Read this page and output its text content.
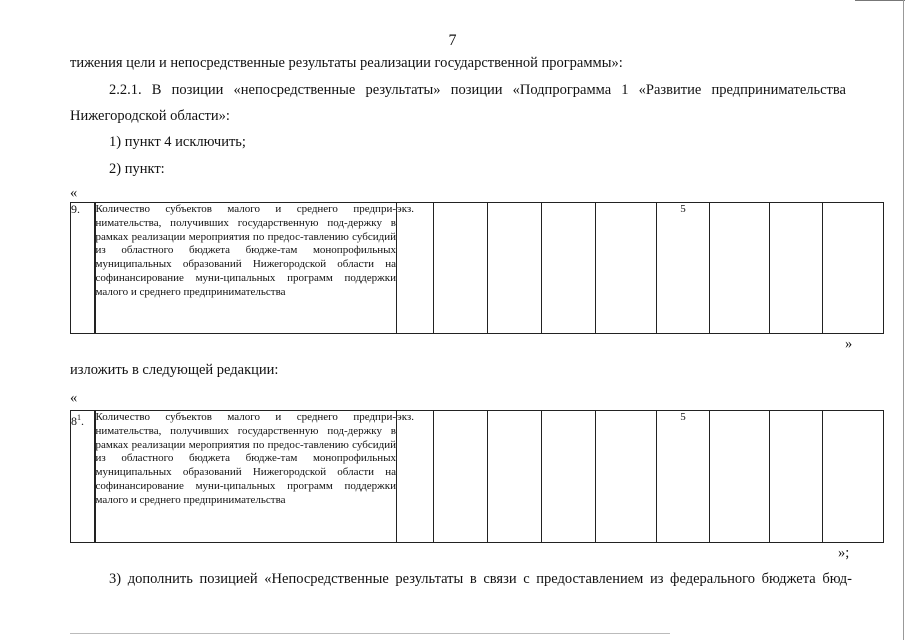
7
тижения цели и непосредственные результаты реализации государственной программы»:
2.2.1. В позиции «непосредственные результаты» позиции «Подпрограмма 1 «Развитие предпринимательства
Нижегородской области»:
1) пункт 4 исключить;
2) пункт:
«
9.	Количество субъектов малого и среднего предпри-нимательства, получивших государственную под-держку в рамках реализации мероприятия по предос-тавлению субсидий из областного бюджета бюдже-там монопрофильных муниципальных образований Нижегородской области на софинансирование муни-ципальных программ поддержки малого и среднего предпринимательства	экз.					5			
»
изложить в следующей редакции:
«
$8^1$.	Количество субъектов малого и среднего предпри-нимательства, получивших государственную под-держку в рамках реализации мероприятия по предос-тавлению субсидий из областного бюджета бюдже-там монопрофильных муниципальных образований Нижегородской области на софинансирование муни-ципальных программ поддержки малого и среднего предпринимательства	экз.					5			
»;
3) дополнить позицией «Непосредственные результаты в связи с предоставлением из федерального бюджета бюд-
